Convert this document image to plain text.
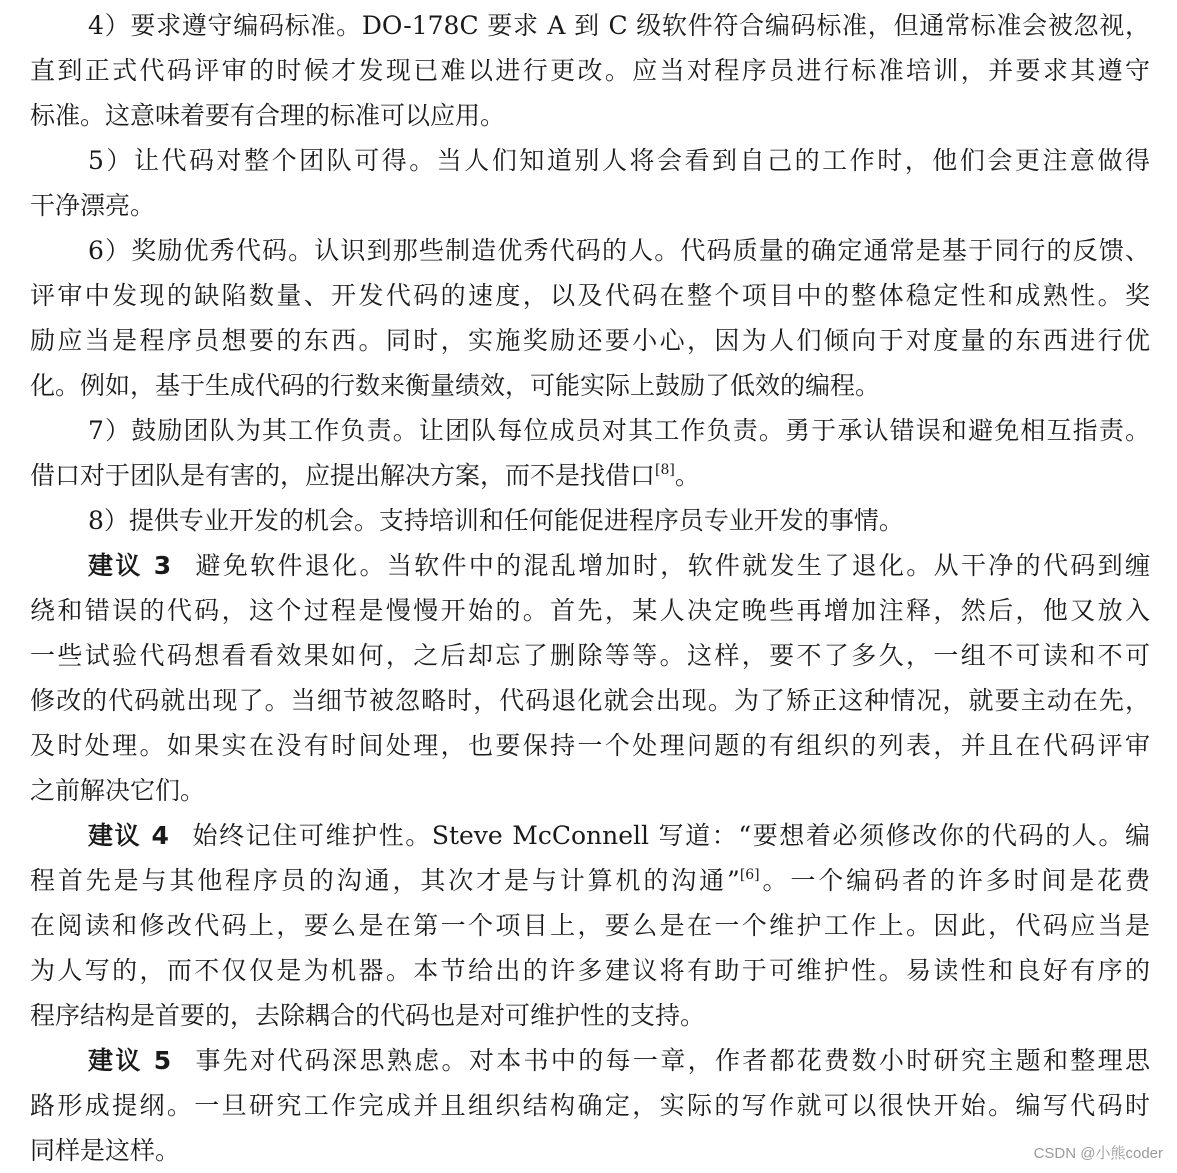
4）要求遵守编码标准。DO-178C 要求 A 到 C 级软件符合编码标准，但通常标准会被忽视，
直到正式代码评审的时候才发现已难以进行更改。应当对程序员进行标准培训，并要求其遵守
标准。这意味着要有合理的标准可以应用。
5）让代码对整个团队可得。当人们知道别人将会看到自己的工作时，他们会更注意做得
干净漂亮。
6）奖励优秀代码。认识到那些制造优秀代码的人。代码质量的确定通常是基于同行的反馈、
评审中发现的缺陷数量、开发代码的速度，以及代码在整个项目中的整体稳定性和成熟性。奖
励应当是程序员想要的东西。同时，实施奖励还要小心，因为人们倾向于对度量的东西进行优
化。例如，基于生成代码的行数来衡量绩效，可能实际上鼓励了低效的编程。
7）鼓励团队为其工作负责。让团队每位成员对其工作负责。勇于承认错误和避免相互指责。
借口对于团队是有害的，应提出解决方案，而不是找借口[8]。
8）提供专业开发的机会。支持培训和任何能促进程序员专业开发的事情。
建议 3 避免软件退化。当软件中的混乱增加时，软件就发生了退化。从干净的代码到缠
绕和错误的代码，这个过程是慢慢开始的。首先，某人决定晚些再增加注释，然后，他又放入
一些试验代码想看看效果如何，之后却忘了删除等等。这样，要不了多久，一组不可读和不可
修改的代码就出现了。当细节被忽略时，代码退化就会出现。为了矫正这种情况，就要主动在先，
及时处理。如果实在没有时间处理，也要保持一个处理问题的有组织的列表，并且在代码评审
之前解决它们。
建议 4 始终记住可维护性。Steve McConnell 写道：“要想着必须修改你的代码的人。编
程首先是与其他程序员的沟通，其次才是与计算机的沟通”[6]。一个编码者的许多时间是花费
在阅读和修改代码上，要么是在第一个项目上，要么是在一个维护工作上。因此，代码应当是
为人写的，而不仅仅是为机器。本节给出的许多建议将有助于可维护性。易读性和良好有序的
程序结构是首要的，去除耦合的代码也是对可维护性的支持。
建议 5 事先对代码深思熟虑。对本书中的每一章，作者都花费数小时研究主题和整理思
路形成提纲。一旦研究工作完成并且组织结构确定，实际的写作就可以很快开始。编写代码时
同样是这样。	CSDN @小熊coder
